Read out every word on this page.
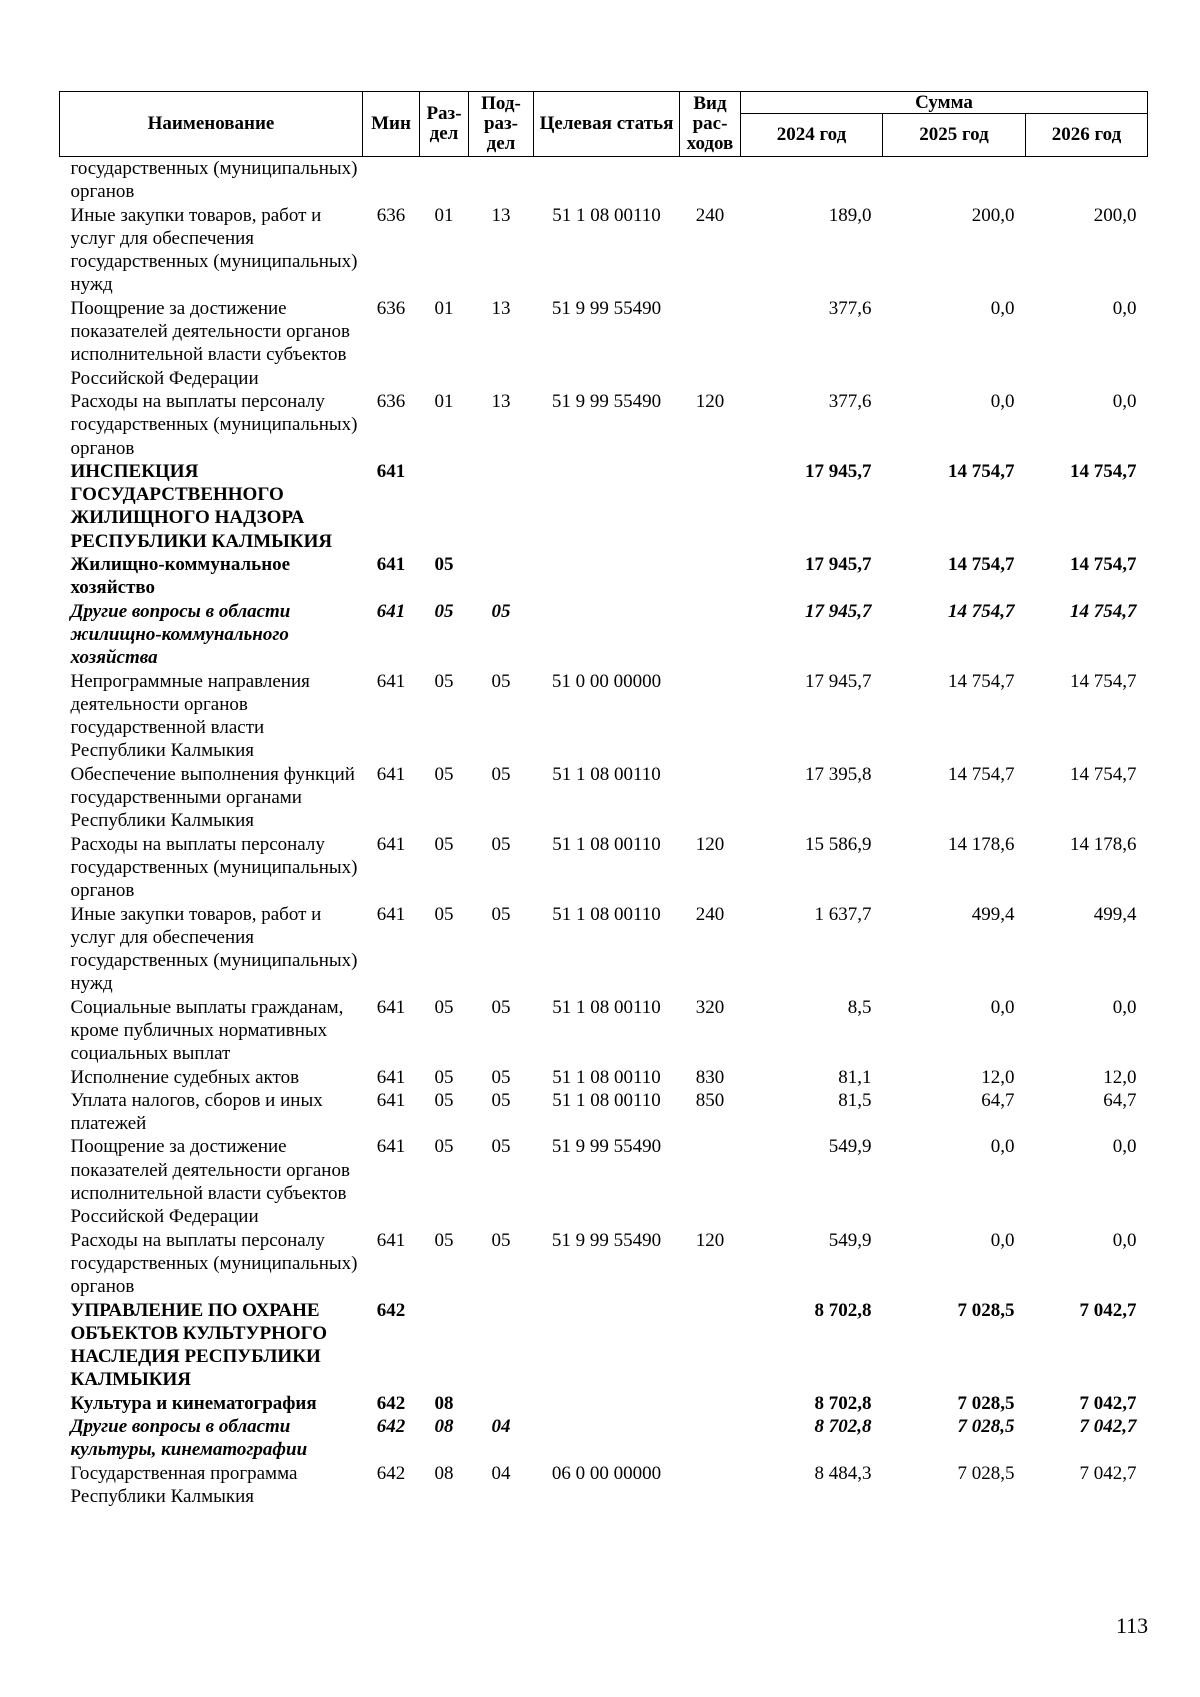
Наименование	Мин	Раз- дел	Под- раз- дел	Целевая статья	Вид рас- ходов	Сумма		
						2024 год	2025 год	2026 год
государственных (муниципальных) органов								
Иные закупки товаров, работ и услуг для обеспечения государственных (муниципальных) нужд	636	01	13	51 1 08 00110	240	189,0	200,0	200,0
Поощрение за достижение показателей деятельности органов исполнительной власти субъектов Российской Федерации	636	01	13	51 9 99 55490		377,6	0,0	0,0
Расходы на выплаты персоналу государственных (муниципальных) органов	636	01	13	51 9 99 55490	120	377,6	0,0	0,0
ИНСПЕКЦИЯ ГОСУДАРСТВЕННОГО ЖИЛИЩНОГО НАДЗОРА РЕСПУБЛИКИ КАЛМЫКИЯ	641					17 945,7	14 754,7	14 754,7
Жилищно-коммунальное хозяйство	641	05				17 945,7	14 754,7	14 754,7
Другие вопросы в области жилищно-коммунального хозяйства	641	05	05			17 945,7	14 754,7	14 754,7
Непрограммные направления деятельности органов государственной власти Республики Калмыкия	641	05	05	51 0 00 00000		17 945,7	14 754,7	14 754,7
Обеспечение выполнения функций государственными органами Республики Калмыкия	641	05	05	51 1 08 00110		17 395,8	14 754,7	14 754,7
Расходы на выплаты персоналу государственных (муниципальных) органов	641	05	05	51 1 08 00110	120	15 586,9	14 178,6	14 178,6
Иные закупки товаров, работ и услуг для обеспечения государственных (муниципальных) нужд	641	05	05	51 1 08 00110	240	1 637,7	499,4	499,4
Социальные выплаты гражданам, кроме публичных нормативных социальных выплат	641	05	05	51 1 08 00110	320	8,5	0,0	0,0
Исполнение судебных актов	641	05	05	51 1 08 00110	830	81,1	12,0	12,0
Уплата налогов, сборов и иных платежей	641	05	05	51 1 08 00110	850	81,5	64,7	64,7
Поощрение за достижение показателей деятельности органов исполнительной власти субъектов Российской Федерации	641	05	05	51 9 99 55490		549,9	0,0	0,0
Расходы на выплаты персоналу государственных (муниципальных) органов	641	05	05	51 9 99 55490	120	549,9	0,0	0,0
УПРАВЛЕНИЕ ПО ОХРАНЕ ОБЪЕКТОВ КУЛЬТУРНОГО НАСЛЕДИЯ РЕСПУБЛИКИ КАЛМЫКИЯ	642					8 702,8	7 028,5	7 042,7
Культура и кинематография	642	08				8 702,8	7 028,5	7 042,7
Другие вопросы в области культуры, кинематографии	642	08	04			8 702,8	7 028,5	7 042,7
Государственная программа Республики Калмыкия	642	08	04	06 0 00 00000		8 484,3	7 028,5	7 042,7
113
